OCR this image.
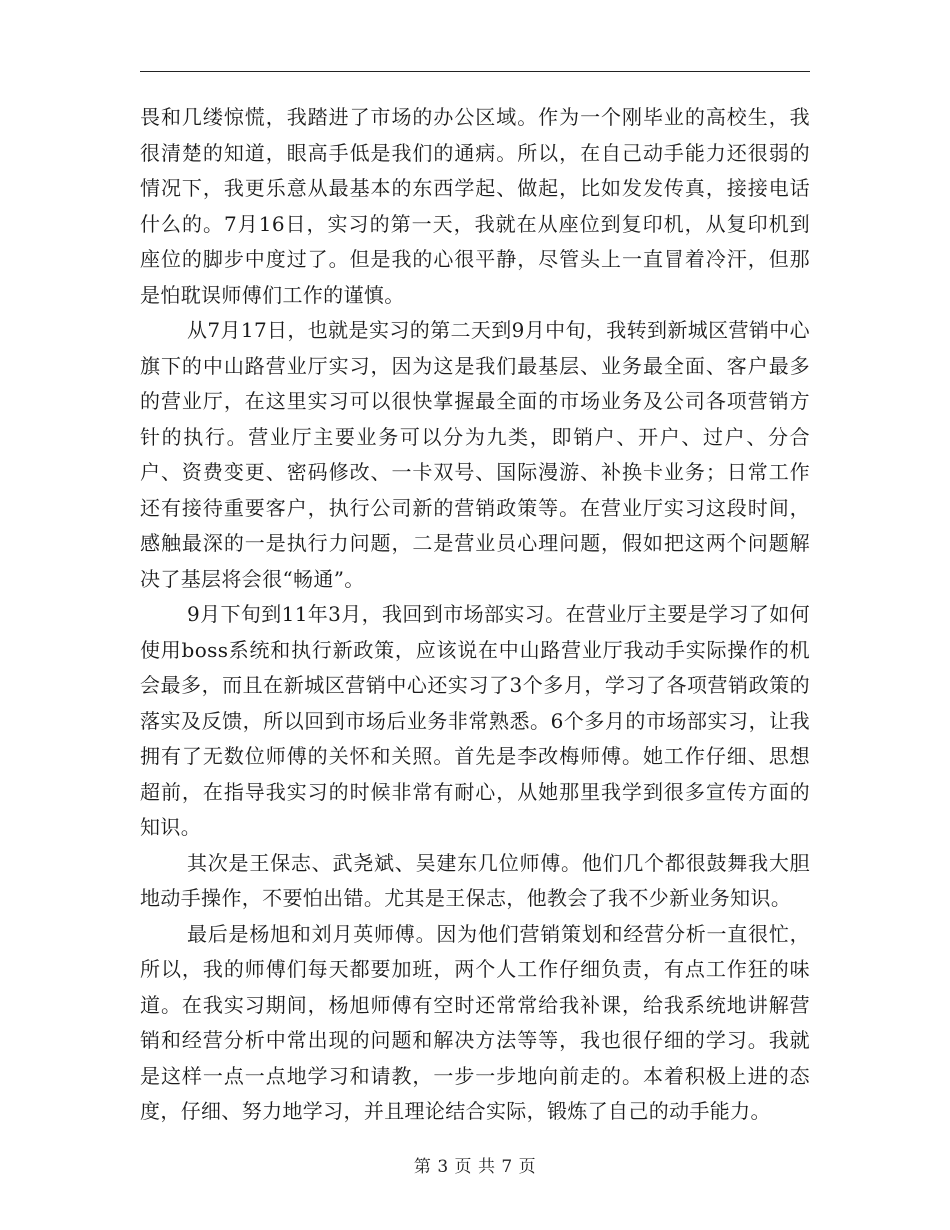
畏和几缕惊慌，我踏进了市场的办公区域。作为一个刚毕业的高校生，我很清楚的知道，眼高手低是我们的通病。所以，在自己动手能力还很弱的情况下，我更乐意从最基本的东西学起、做起，比如发发传真，接接电话什么的。7月16日，实习的第一天，我就在从座位到复印机，从复印机到座位的脚步中度过了。但是我的心很平静，尽管头上一直冒着冷汗，但那是怕耽误师傅们工作的谨慎。

从7月17日，也就是实习的第二天到9月中旬，我转到新城区营销中心旗下的中山路营业厅实习，因为这是我们最基层、业务最全面、客户最多的营业厅，在这里实习可以很快掌握最全面的市场业务及公司各项营销方针的执行。营业厅主要业务可以分为九类，即销户、开户、过户、分合户、资费变更、密码修改、一卡双号、国际漫游、补换卡业务；日常工作还有接待重要客户，执行公司新的营销政策等。在营业厅实习这段时间，感触最深的一是执行力问题，二是营业员心理问题，假如把这两个问题解决了基层将会很“畅通”。

9月下旬到11年3月，我回到市场部实习。在营业厅主要是学习了如何使用boss系统和执行新政策，应该说在中山路营业厅我动手实际操作的机会最多，而且在新城区营销中心还实习了3个多月，学习了各项营销政策的落实及反馈，所以回到市场后业务非常熟悉。6个多月的市场部实习，让我拥有了无数位师傅的关怀和关照。首先是李改梅师傅。她工作仔细、思想超前，在指导我实习的时候非常有耐心，从她那里我学到很多宣传方面的知识。

其次是王保志、武尧斌、吴建东几位师傅。他们几个都很鼓舞我大胆地动手操作，不要怕出错。尤其是王保志，他教会了我不少新业务知识。

最后是杨旭和刘月英师傅。因为他们营销策划和经营分析一直很忙，所以，我的师傅们每天都要加班，两个人工作仔细负责，有点工作狂的味道。在我实习期间，杨旭师傅有空时还常常给我补课，给我系统地讲解营销和经营分析中常出现的问题和解决方法等等，我也很仔细的学习。我就是这样一点一点地学习和请教，一步一步地向前走的。本着积极上进的态度，仔细、努力地学习，并且理论结合实际，锻炼了自己的动手能力。

第 3 页 共 7 页
